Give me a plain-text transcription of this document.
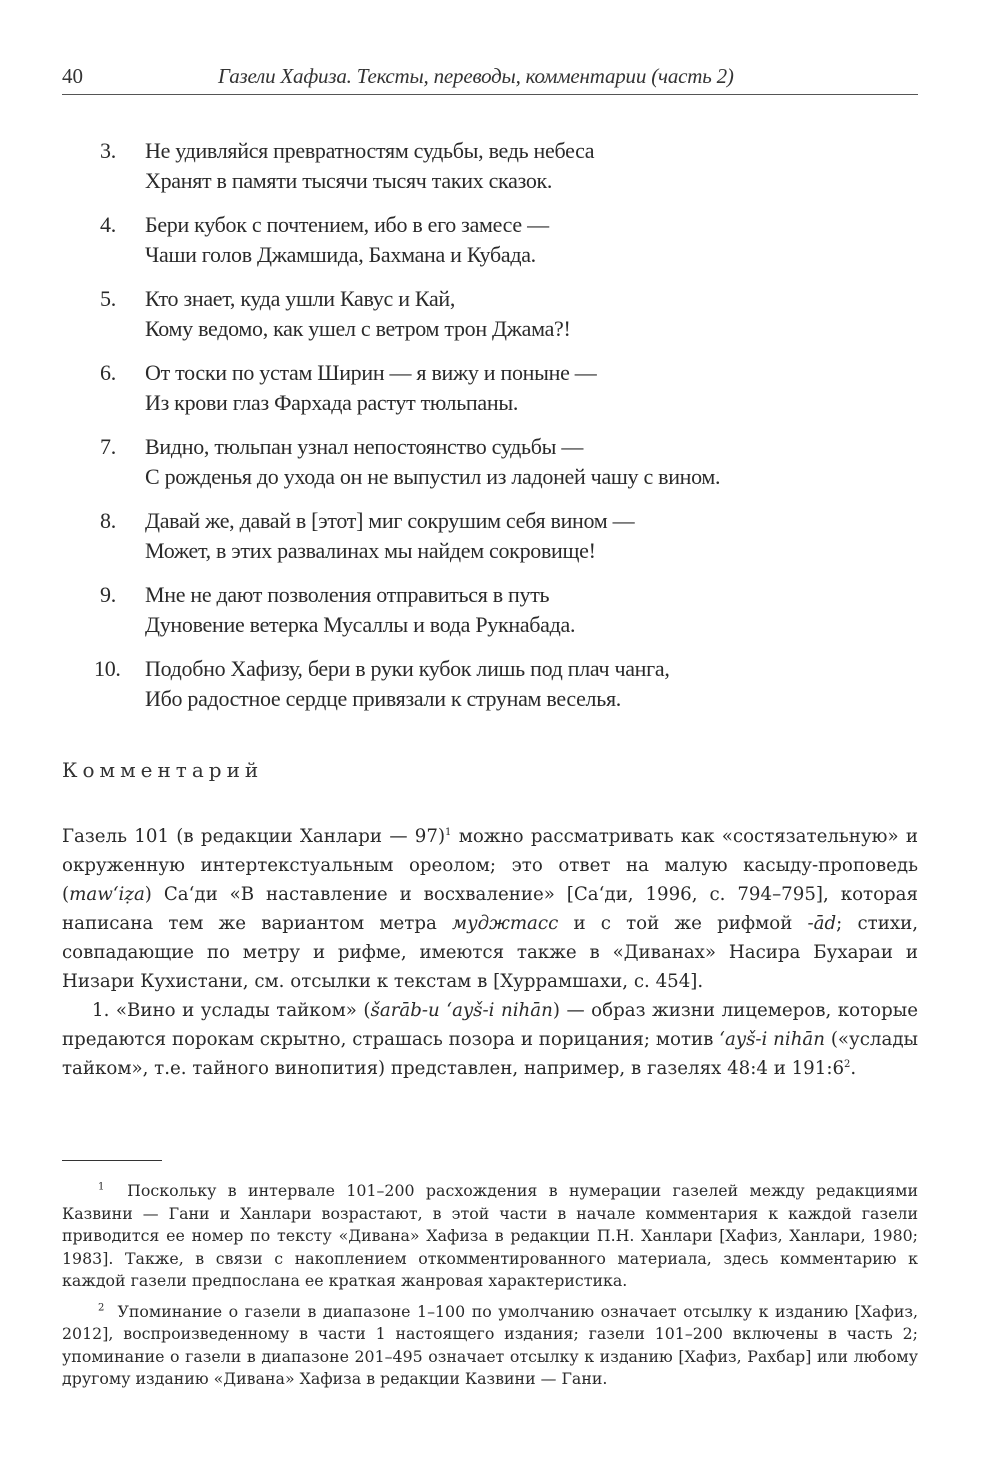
40	Газели Хафиза. Тексты, переводы, комментарии (часть 2)
3.	Не удивляйся превратностям судьбы, ведь небеса
Хранят в памяти тысячи тысяч таких сказок.
4.	Бери кубок с почтением, ибо в его замесе —
Чаши голов Джамшида, Бахмана и Кубада.
5.	Кто знает, куда ушли Кавус и Кай,
Кому ведомо, как ушел с ветром трон Джама?!
6.	От тоски по устам Ширин — я вижу и поныне —
Из крови глаз Фархада растут тюльпаны.
7.	Видно, тюльпан узнал непостоянство судьбы —
С рожденья до ухода он не выпустил из ладоней чашу с вином.
8.	Давай же, давай в [этот] миг сокрушим себя вином —
Может, в этих развалинах мы найдем сокровище!
9.	Мне не дают позволения отправиться в путь
Дуновение ветерка Мусаллы и вода Рукнабада.
10.	Подобно Хафизу, бери в руки кубок лишь под плач чанга,
Ибо радостное сердце привязали к струнам веселья.
Комментарий

Газель 101 (в редакции Ханлари — 97)$^1$ можно рассматривать как «состязательную» и окруженную интертекстуальным ореолом; это ответ на малую касыду-проповедь (maw‘iẓa) Са‘ди «В наставление и восхваление» [Са‘ди, 1996, с. 794–795], которая написана тем же вариантом метра муджтасс и с той же рифмой -ād; стихи, совпадающие по метру и рифме, имеются также в «Диванах» Насира Бухараи и Низари Кухистани, см. отсылки к текстам в [Хуррамшахи, с. 454].

1. «Вино и услады тайком» (šarāb-u ‘ayš-i nihān) — образ жизни лицемеров, которые предаются порокам скрытно, страшась позора и порицания; мотив ‘ayš-i nihān («услады тайком», т.е. тайного винопития) представлен, например, в газелях 48:4 и $191:6^2$.

$^1$ Поскольку в интервале 101–200 расхождения в нумерации газелей между редакциями Казвини — Гани и Ханлари возрастают, в этой части в начале комментария к каждой газели приводится ее номер по тексту «Дивана» Хафиза в редакции П.Н. Ханлари [Хафиз, Ханлари, 1980; 1983]. Также, в связи с накоплением откомментированного материала, здесь комментарию к каждой газели предпослана ее краткая жанровая характеристика.

$^2$ Упоминание о газели в диапазоне 1–100 по умолчанию означает отсылку к изданию [Хафиз, 2012], воспроизведенному в части 1 настоящего издания; газели 101–200 включены в часть 2; упоминание о газели в диапазоне 201–495 означает отсылку к изданию [Хафиз, Рахбар] или любому другому изданию «Дивана» Хафиза в редакции Казвини — Гани.
